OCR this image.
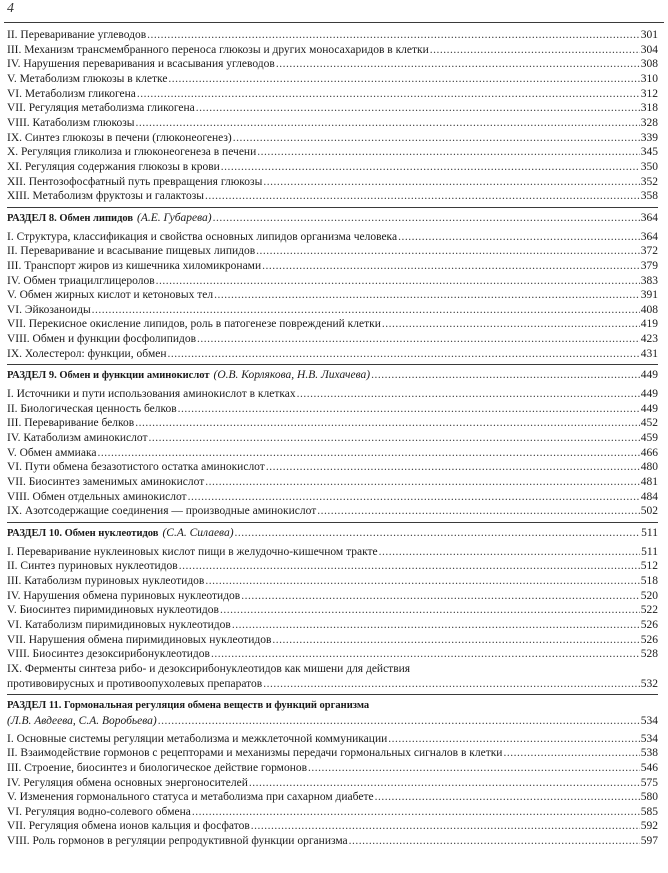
4
II. Переваривание углеводов .....	301
III. Механизм трансмембранного переноса глюкозы и других моносахаридов в клетки .....	304
IV. Нарушения переваривания и всасывания углеводов .....	308
V. Метаболизм глюкозы в клетке .....	310
VI. Метаболизм гликогена .....	312
VII. Регуляция метаболизма гликогена .....	318
VIII. Катаболизм глюкозы .....	328
IX. Синтез глюкозы в печени (глюконеогенез) .....	339
X. Регуляция гликолиза и глюконеогенеза в печени .....	345
XI. Регуляция содержания глюкозы в крови .....	350
XII. Пентозофосфатный путь превращения глюкозы .....	352
XIII. Метаболизм фруктозы и галактозы .....	358
РАЗДЕЛ 8. Обмен липидов (А.Е. Губарева) .....	364
I. Структура, классификация и свойства основных липидов организма человека .....	364
II. Переваривание и всасывание пищевых липидов .....	372
III. Транспорт жиров из кишечника хиломикронами .....	379
IV. Обмен триацилглицеролов .....	383
V. Обмен жирных кислот и кетоновых тел .....	391
VI. Эйкозаноиды .....	408
VII. Перекисное окисление липидов, роль в патогенезе повреждений клетки .....	419
VIII. Обмен и функции фосфолипидов .....	423
IX. Холестерол: функции, обмен .....	431
РАЗДЕЛ 9. Обмен и функции аминокислот (О.В. Корлякова, Н.В. Лихачева) .....	449
I. Источники и пути использования аминокислот в клетках .....	449
II. Биологическая ценность белков .....	449
III. Переваривание белков .....	452
IV. Катаболизм аминокислот .....	459
V. Обмен аммиака .....	466
VI. Пути обмена безазотистого остатка аминокислот .....	480
VII. Биосинтез заменимых аминокислот .....	481
VIII. Обмен отдельных аминокислот .....	484
IX. Азотсодержащие соединения — производные аминокислот .....	502
РАЗДЕЛ 10. Обмен нуклеотидов (С.А. Силаева) .....	511
I. Переваривание нуклеиновых кислот пищи в желудочно-кишечном тракте .....	511
II. Синтез пуриновых нуклеотидов .....	512
III. Катаболизм пуриновых нуклеотидов .....	518
IV. Нарушения обмена пуриновых нуклеотидов .....	520
V. Биосинтез пиримидиновых нуклеотидов .....	522
VI. Катаболизм пиримидиновых нуклеотидов .....	526
VII. Нарушения обмена пиримидиновых нуклеотидов .....	526
VIII. Биосинтез дезоксирибонуклеотидов .....	528
IX. Ферменты синтеза рибо- и дезоксирибонуклеотидов как мишени для действия
противовирусных и противоопухолевых препаратов .....	532
РАЗДЕЛ 11. Гормональная регуляция обмена веществ и функций организма
(Л.В. Авдеева, С.А. Воробьева) .....	534
I. Основные системы регуляции метаболизма и межклеточной коммуникации .....	534
II. Взаимодействие гормонов с рецепторами и механизмы передачи гормональных сигналов в клетки .....	538
III. Строение, биосинтез и биологическое действие гормонов .....	546
IV. Регуляция обмена основных энергоносителей .....	575
V. Изменения гормонального статуса и метаболизма при сахарном диабете .....	580
VI. Регуляция водно-солевого обмена .....	585
VII. Регуляция обмена ионов кальция и фосфатов .....	592
VIII. Роль гормонов в регуляции репродуктивной функции организма .....	597
